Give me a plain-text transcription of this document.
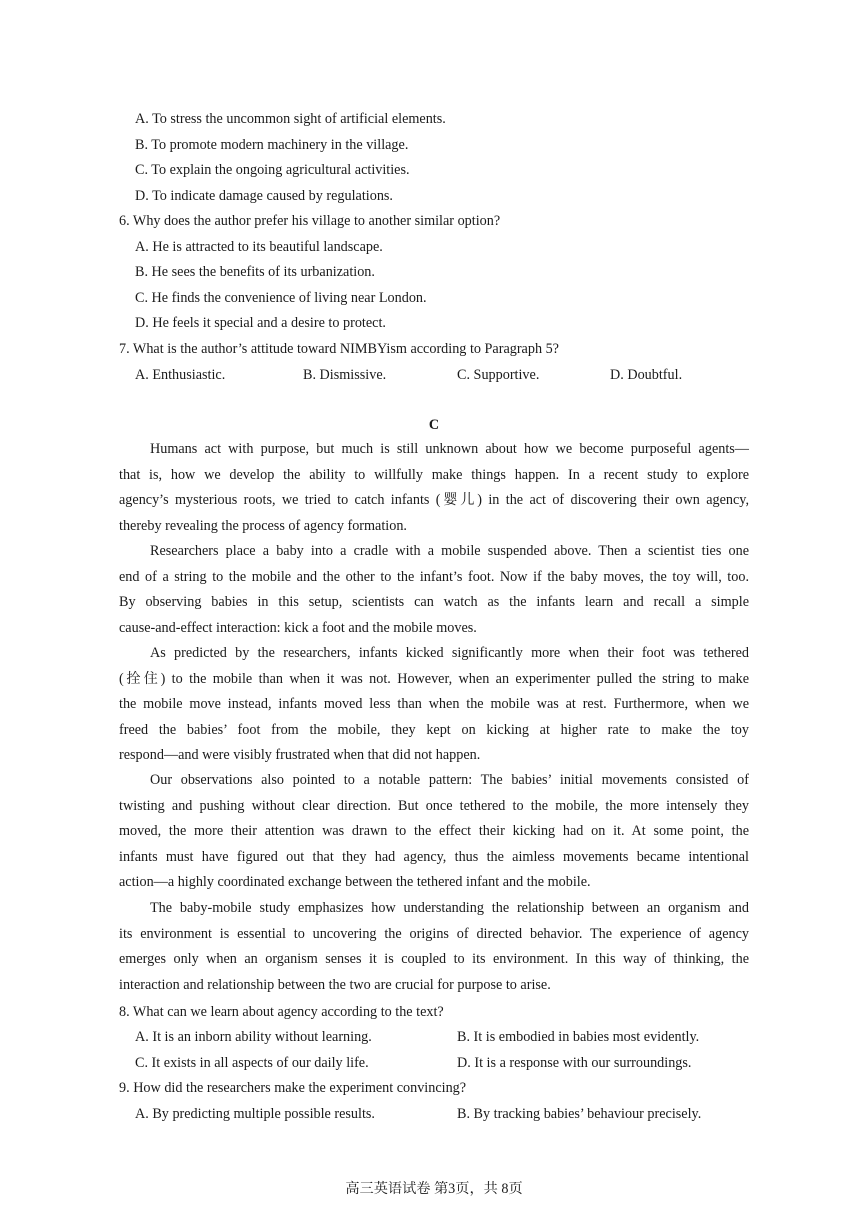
A. To stress the uncommon sight of artificial elements.
B. To promote modern machinery in the village.
C. To explain the ongoing agricultural activities.
D. To indicate damage caused by regulations.
6. Why does the author prefer his village to another similar option?
A. He is attracted to its beautiful landscape.
B. He sees the benefits of its urbanization.
C. He finds the convenience of living near London.
D. He feels it special and a desire to protect.
7. What is the author’s attitude toward NIMBYism according to Paragraph 5?
A. Enthusiastic.	B. Dismissive.	C. Supportive.	D. Doubtful.
C
Humans act with purpose, but much is still unknown about how we become purposeful agents—
that is, how we develop the ability to willfully make things happen. In a recent study to explore
agency’s mysterious roots, we tried to catch infants (婴儿) in the act of discovering their own agency,
thereby revealing the process of agency formation.
Researchers place a baby into a cradle with a mobile suspended above. Then a scientist ties one
end of a string to the mobile and the other to the infant’s foot. Now if the baby moves, the toy will, too.
By observing babies in this setup, scientists can watch as the infants learn and recall a simple
cause-and-effect interaction: kick a foot and the mobile moves.
As predicted by the researchers, infants kicked significantly more when their foot was tethered
(拴住) to the mobile than when it was not. However, when an experimenter pulled the string to make
the mobile move instead, infants moved less than when the mobile was at rest. Furthermore, when we
freed the babies’ foot from the mobile, they kept on kicking at higher rate to make the toy
respond—and were visibly frustrated when that did not happen.
Our observations also pointed to a notable pattern: The babies’ initial movements consisted of
twisting and pushing without clear direction. But once tethered to the mobile, the more intensely they
moved, the more their attention was drawn to the effect their kicking had on it. At some point, the
infants must have figured out that they had agency, thus the aimless movements became intentional
action—a highly coordinated exchange between the tethered infant and the mobile.
The baby-mobile study emphasizes how understanding the relationship between an organism and
its environment is essential to uncovering the origins of directed behavior. The experience of agency
emerges only when an organism senses it is coupled to its environment. In this way of thinking, the
interaction and relationship between the two are crucial for purpose to arise.
8. What can we learn about agency according to the text?
A. It is an inborn ability without learning.	B. It is embodied in babies most evidently.
C. It exists in all aspects of our daily life.	D. It is a response with our surroundings.
9. How did the researchers make the experiment convincing?
A. By predicting multiple possible results.	B. By tracking babies’ behaviour precisely.
高三英语试卷 第3页，共 8页
